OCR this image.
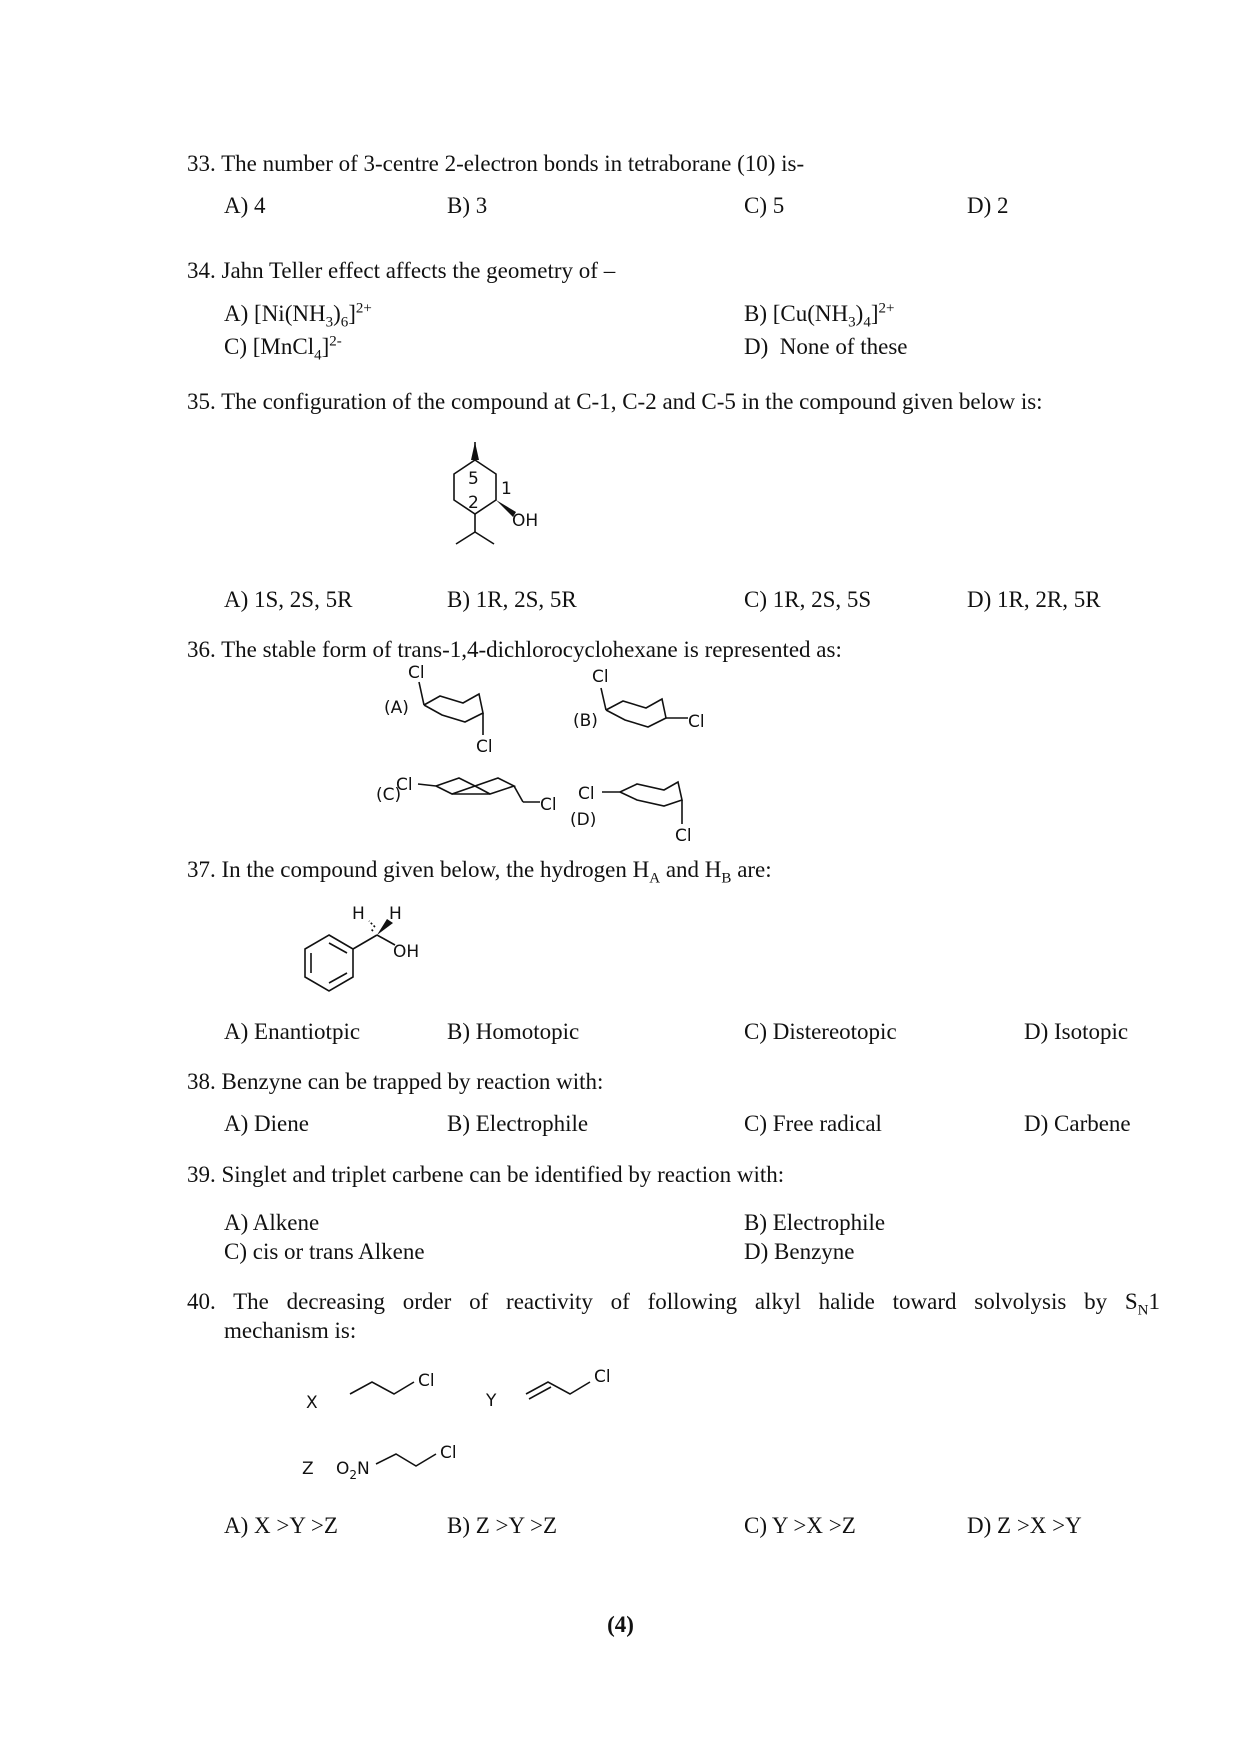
33. The number of 3-centre 2-electron bonds in tetraborane (10) is-
A) 4	B) 3	C) 5	D) 2
34. Jahn Teller effect affects the geometry of –
A) $[Ni(NH_3)_6]^{2+}$	B) $[Cu(NH_3)_4]^{2+}$
C) [MnCl$_4$]$^{2-}$	D) None of these
35. The configuration of the compound at C-1, C-2 and C-5 in the compound given below is:
5
2
1
OH
A) 1S, 2S, 5R	B) 1R, 2S, 5R	C) 1R, 2S, 5S	D) 1R, 2R, 5R
36. The stable form of trans-1,4-dichlorocyclohexane is represented as:
(A)
Cl
Cl
(B)
Cl
Cl
(C)
Cl
Cl
(D)
Cl
Cl
37. In the compound given below, the hydrogen $H_A$ and $H_B$ are:
H H
OH
A) Enantiotpic	B) Homotopic	C) Distereotopic	D) Isotopic
38. Benzyne can be trapped by reaction with:
A) Diene	B) Electrophile	C) Free radical	D) Carbene
39. Singlet and triplet carbene can be identified by reaction with:
A) Alkene	B) Electrophile
C) cis or trans Alkene	D) Benzyne
40. The decreasing order of reactivity of following alkyl halide toward solvolysis by $S_N1$
mechanism is:
X
Cl
Y
Cl
Z $O_2N$
Cl
A) X >Y >Z	B) Z >Y >Z	C) Y >X >Z	D) Z >X >Y
(4)
